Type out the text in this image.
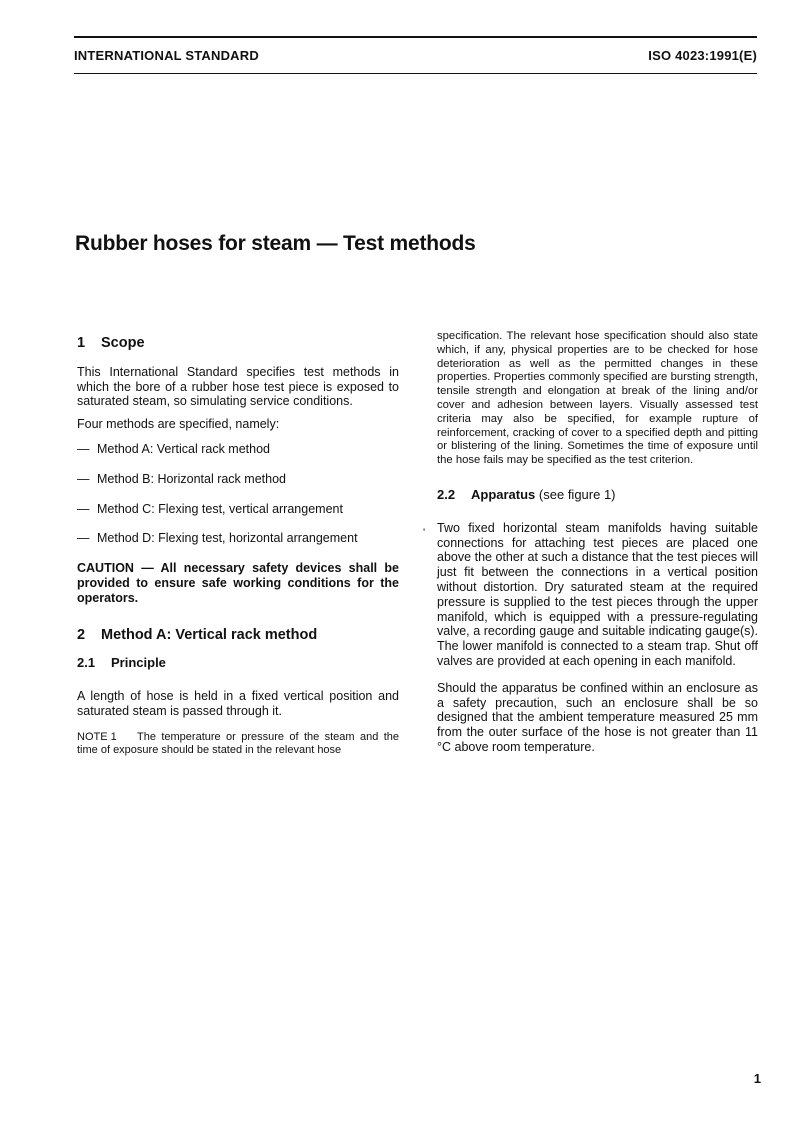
INTERNATIONAL STANDARD	ISO 4023:1991(E)
Rubber hoses for steam — Test methods
1 Scope

This International Standard specifies test methods in which the bore of a rubber hose test piece is exposed to saturated steam, so simulating service conditions.

Four methods are specified, namely:

— Method A: Vertical rack method
— Method B: Horizontal rack method
— Method C: Flexing test, vertical arrangement
— Method D: Flexing test, horizontal arrangement

CAUTION — All necessary safety devices shall be provided to ensure safe working conditions for the operators.

2 Method A: Vertical rack method
2.1 Principle

A length of hose is held in a fixed vertical position and saturated steam is passed through it.

NOTE 1 The temperature or pressure of the steam and the time of exposure should be stated in the relevant hose

specification. The relevant hose specification should also state which, if any, physical properties are to be checked for hose deterioration as well as the permitted changes in these properties. Properties commonly specified are bursting strength, tensile strength and elongation at break of the lining and/or cover and adhesion between layers. Visually assessed test criteria may also be specified, for example rupture of reinforcement, cracking of cover to a specified depth and pitting or blistering of the lining. Sometimes the time of exposure until the hose fails may be specified as the test criterion.

2.2 Apparatus (see figure 1)

Two fixed horizontal steam manifolds having suitable connections for attaching test pieces are placed one above the other at such a distance that the test pieces will just fit between the connections in a vertical position without distortion. Dry saturated steam at the required pressure is supplied to the test pieces through the upper manifold, which is equipped with a pressure-regulating valve, a recording gauge and suitable indicating gauge(s). The lower manifold is connected to a steam trap. Shut off valves are provided at each opening in each manifold.

Should the apparatus be confined within an enclosure as a safety precaution, such an enclosure shall be so designed that the ambient temperature measured 25 mm from the outer surface of the hose is not greater than 11 °C above room temperature.

'
1
